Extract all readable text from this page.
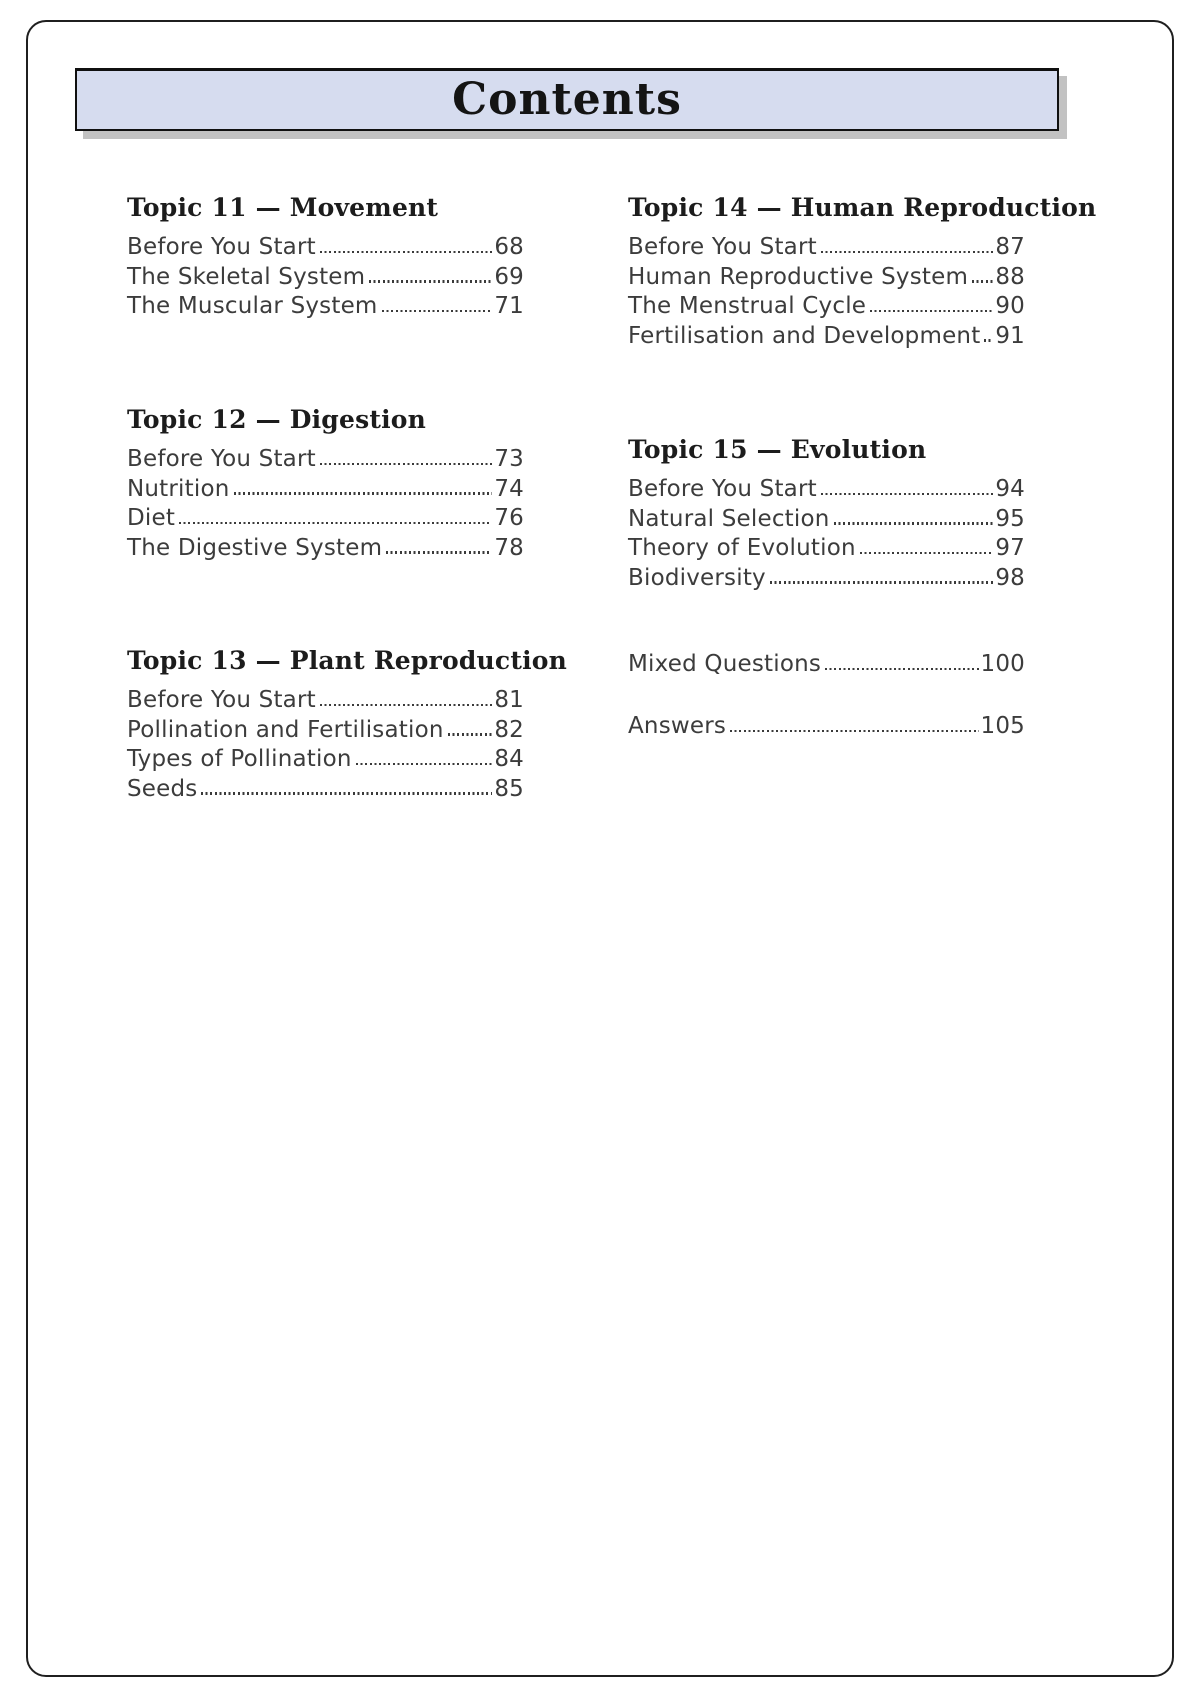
Contents
Topic 11 — Movement
Before You Start	68
The Skeletal System	69
The Muscular System	71
Topic 12 — Digestion
Before You Start	73
Nutrition	74
Diet	76
The Digestive System	78
Topic 13 — Plant Reproduction
Before You Start	81
Pollination and Fertilisation 82
Types of Pollination	84
Seeds	85
Topic 14 — Human Reproduction
Before You Start	87
Human Reproductive System 88
The Menstrual Cycle	90
Fertilisation and Development 91
Topic 15 — Evolution
Before You Start	94
Natural Selection	95
Theory of Evolution	97
Biodiversity	98
Mixed Questions	100
Answers	105
